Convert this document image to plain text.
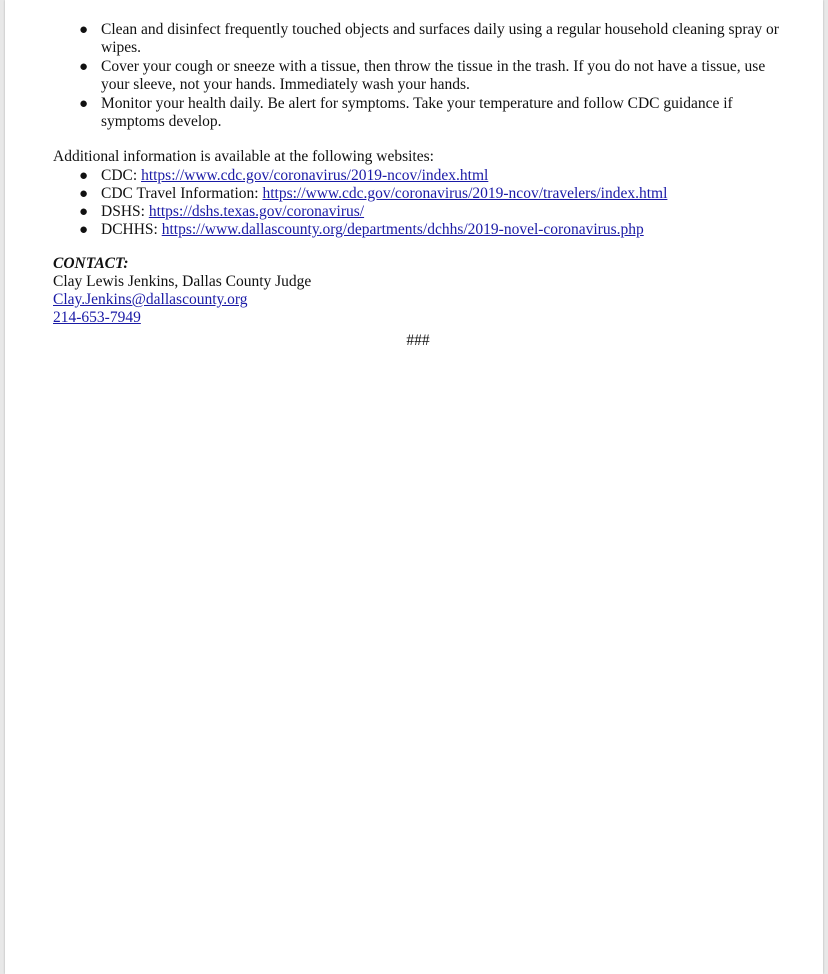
● Clean and disinfect frequently touched objects and surfaces daily using a regular household cleaning spray or wipes.
● Cover your cough or sneeze with a tissue, then throw the tissue in the trash. If you do not have a tissue, use your sleeve, not your hands. Immediately wash your hands.
● Monitor your health daily. Be alert for symptoms. Take your temperature and follow CDC guidance if symptoms develop.
Additional information is available at the following websites:
● CDC: https://www.cdc.gov/coronavirus/2019-ncov/index.html
● CDC Travel Information: https://www.cdc.gov/coronavirus/2019-ncov/travelers/index.html
● DSHS: https://dshs.texas.gov/coronavirus/
● DCHHS: https://www.dallascounty.org/departments/dchhs/2019-novel-coronavirus.php
CONTACT:
Clay Lewis Jenkins, Dallas County Judge
Clay.Jenkins@dallascounty.org
214-653-7949
###
